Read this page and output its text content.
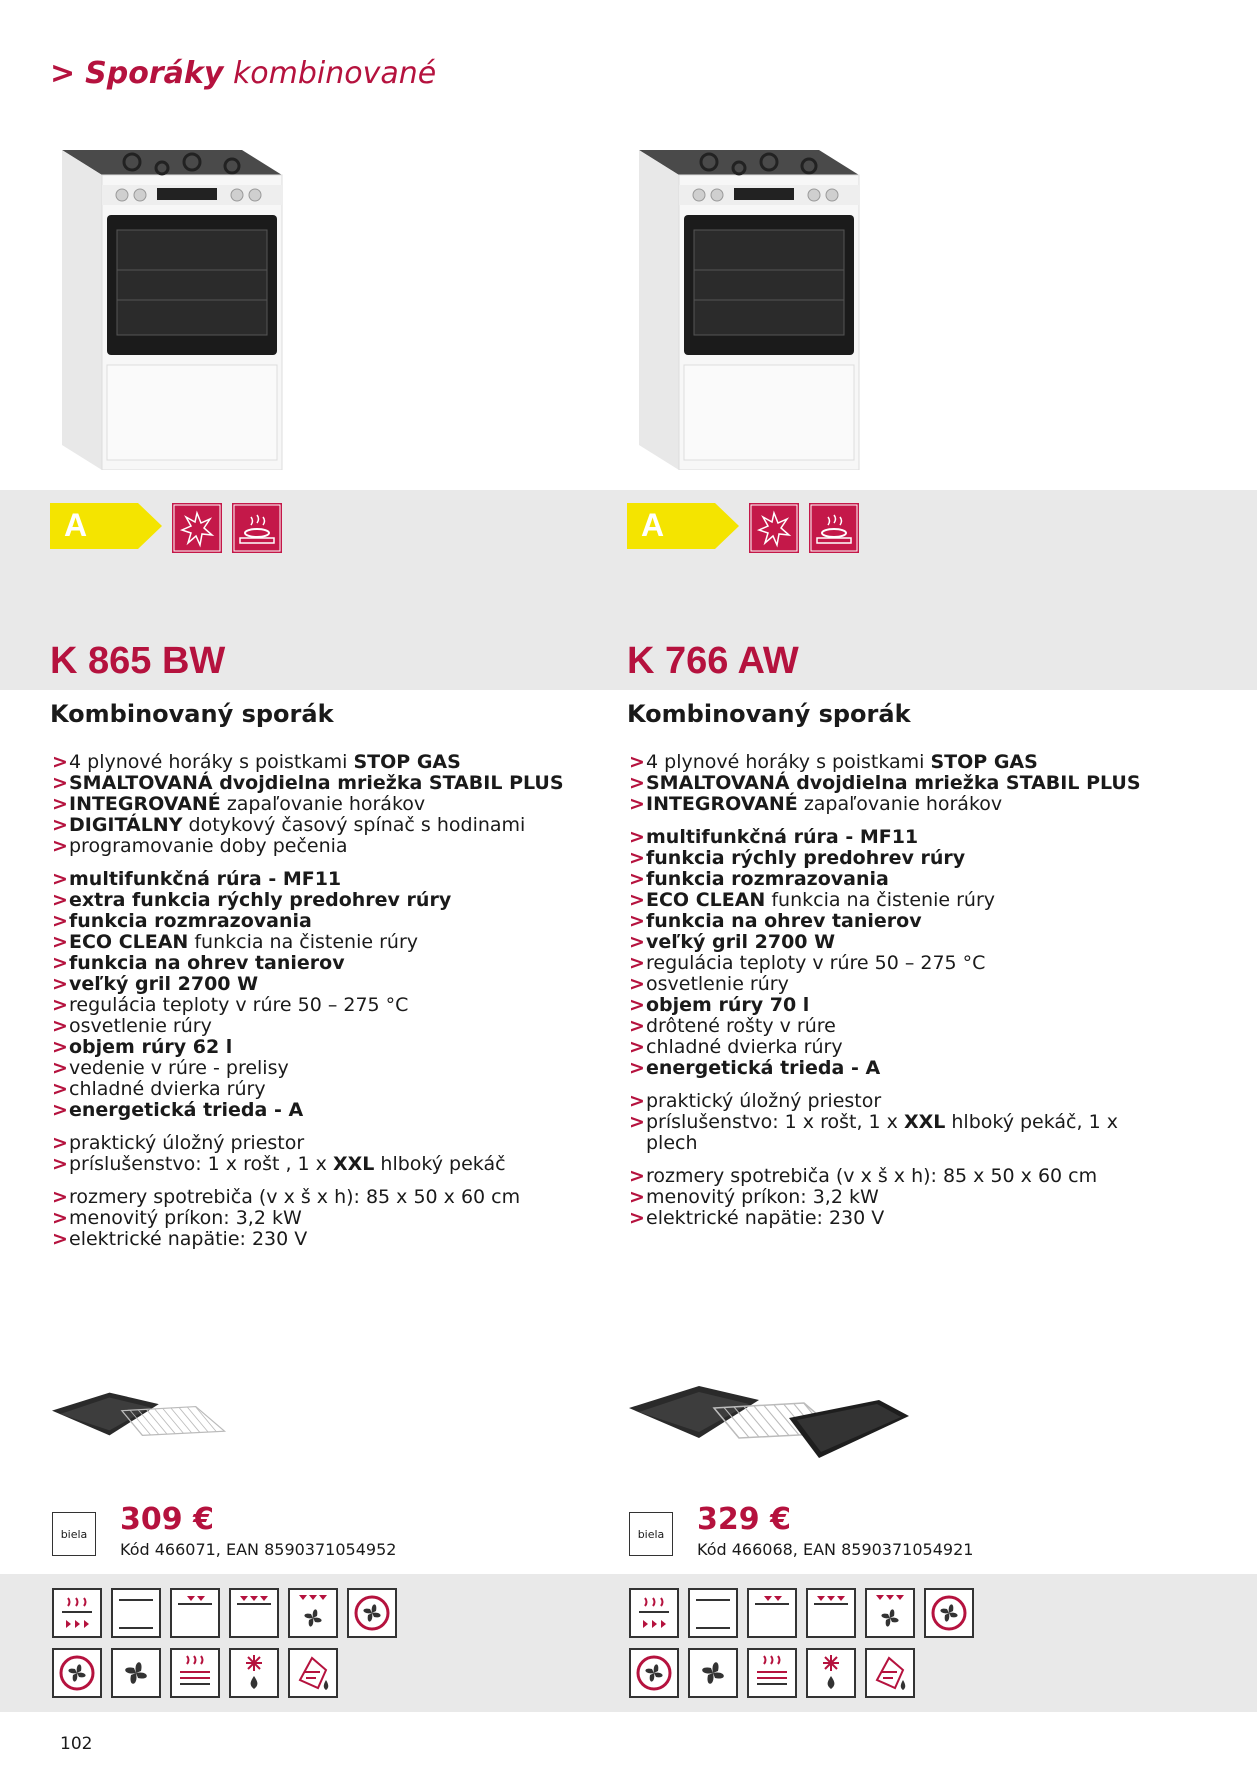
> Sporáky kombinované
A
K 865 BW
Kombinovaný sporák
> 4 plynové horáky s poistkami STOP GAS
> SMALTOVANÁ dvojdielna mriežka STABIL PLUS
> INTEGROVANÉ zapaľovanie horákov
> DIGITÁLNY dotykový časový spínač s hodinami
> programovanie doby pečenia
> multifunkčná rúra - MF11
> extra funkcia rýchly predohrev rúry
> funkcia rozmrazovania
> ECO CLEAN funkcia na čistenie rúry
> funkcia na ohrev tanierov
> veľký gril 2700 W
> regulácia teploty v rúre 50 – 275 °C
> osvetlenie rúry
> objem rúry 62 l
> vedenie v rúre - prelisy
> chladné dvierka rúry
> energetická trieda - A
> praktický úložný priestor
> príslušenstvo: 1 x rošt , 1 x XXL hlboký pekáč
> rozmery spotrebiča (v x š x h): 85 x 50 x 60 cm
> menovitý príkon: 3,2 kW
> elektrické napätie: 230 V
biela 309 €
Kód 466071, EAN 8590371054952
A
K 766 AW
Kombinovaný sporák
> 4 plynové horáky s poistkami STOP GAS
> SMALTOVANÁ dvojdielna mriežka STABIL PLUS
> INTEGROVANÉ zapaľovanie horákov
> multifunkčná rúra - MF11
> funkcia rýchly predohrev rúry
> funkcia rozmrazovania
> ECO CLEAN funkcia na čistenie rúry
> funkcia na ohrev tanierov
> veľký gril 2700 W
> regulácia teploty v rúre 50 – 275 °C
> osvetlenie rúry
> objem rúry 70 l
> drôtené rošty v rúre
> chladné dvierka rúry
> energetická trieda - A
> praktický úložný priestor
> príslušenstvo: 1 x rošt, 1 x XXL hlboký pekáč, 1 x plech
> rozmery spotrebiča (v x š x h): 85 x 50 x 60 cm
> menovitý príkon: 3,2 kW
> elektrické napätie: 230 V
biela 329 €
Kód 466068, EAN 8590371054921
102
